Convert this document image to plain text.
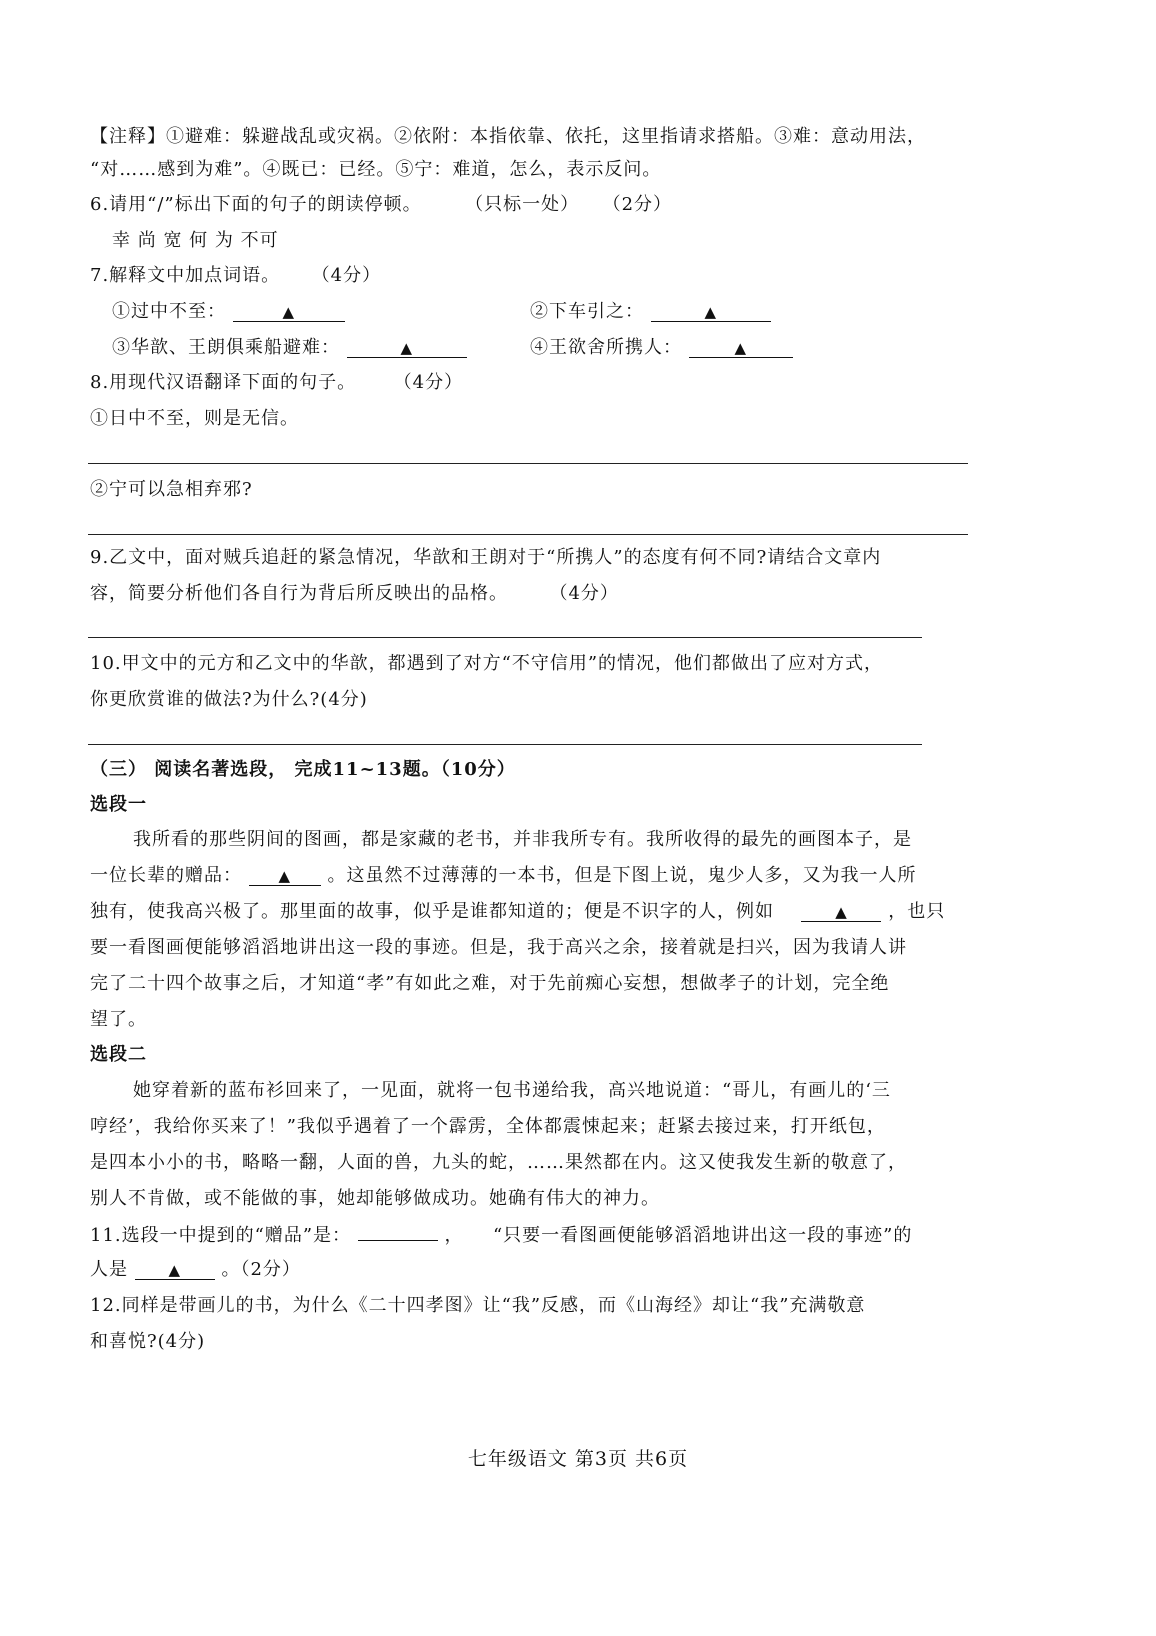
【注释】①避难：躲避战乱或灾祸。②依附：本指依靠、依托，这里指请求搭船。③难：意动用法，
“对……感到为难”。④既已：已经。⑤宁：难道，怎么，表示反问。
6.请用“/”标出下面的句子的朗读停顿。 （只标一处） （2分）
幸 尚 宽 何 为 不可
7.解释文中加点词语。 （4分）
①过中不至：	▲	②下车引之：	▲
③华歆、王朗俱乘船避难：	▲	④王欲舍所携人：	▲
8.用现代汉语翻译下面的句子。 （4分）
①日中不至，则是无信。
②宁可以急相弃邪?
9.乙文中，面对贼兵追赶的紧急情况，华歆和王朗对于“所携人”的态度有何不同?请结合文章内
容，简要分析他们各自行为背后所反映出的品格。 （4分）
10.甲文中的元方和乙文中的华歆，都遇到了对方“不守信用”的情况，他们都做出了应对方式，
你更欣赏谁的做法?为什么?(4分)
（三） 阅读名著选段， 完成11~13题。（10分）
选段一
我所看的那些阴间的图画，都是家藏的老书，并非我所专有。我所收得的最先的画图本子，是
一位长辈的赠品： ▲ 。这虽然不过薄薄的一本书，但是下图上说，鬼少人多，又为我一人所
独有，使我高兴极了。那里面的故事，似乎是谁都知道的；便是不识字的人，例如	▲ ，也只
要一看图画便能够滔滔地讲出这一段的事迹。但是，我于高兴之余，接着就是扫兴，因为我请人讲
完了二十四个故事之后，才知道“孝”有如此之难，对于先前痴心妄想，想做孝子的计划，完全绝
望了。
选段二
她穿着新的蓝布衫回来了，一见面，就将一包书递给我，高兴地说道：“哥儿，有画儿的‘三
哼经’，我给你买来了！”我似乎遇着了一个霹雳，全体都震悚起来；赶紧去接过来，打开纸包，
是四本小小的书，略略一翻，人面的兽，九头的蛇，……果然都在内。这又使我发生新的敬意了，
别人不肯做，或不能做的事，她却能够做成功。她确有伟大的神力。
11.选段一中提到的“赠品”是：	， “只要一看图画便能够滔滔地讲出这一段的事迹”的
人是	▲ 。（2分）
12.同样是带画儿的书，为什么《二十四孝图》让“我”反感，而《山海经》却让“我”充满敬意
和喜悦?(4分)
七年级语文 第3页 共6页
